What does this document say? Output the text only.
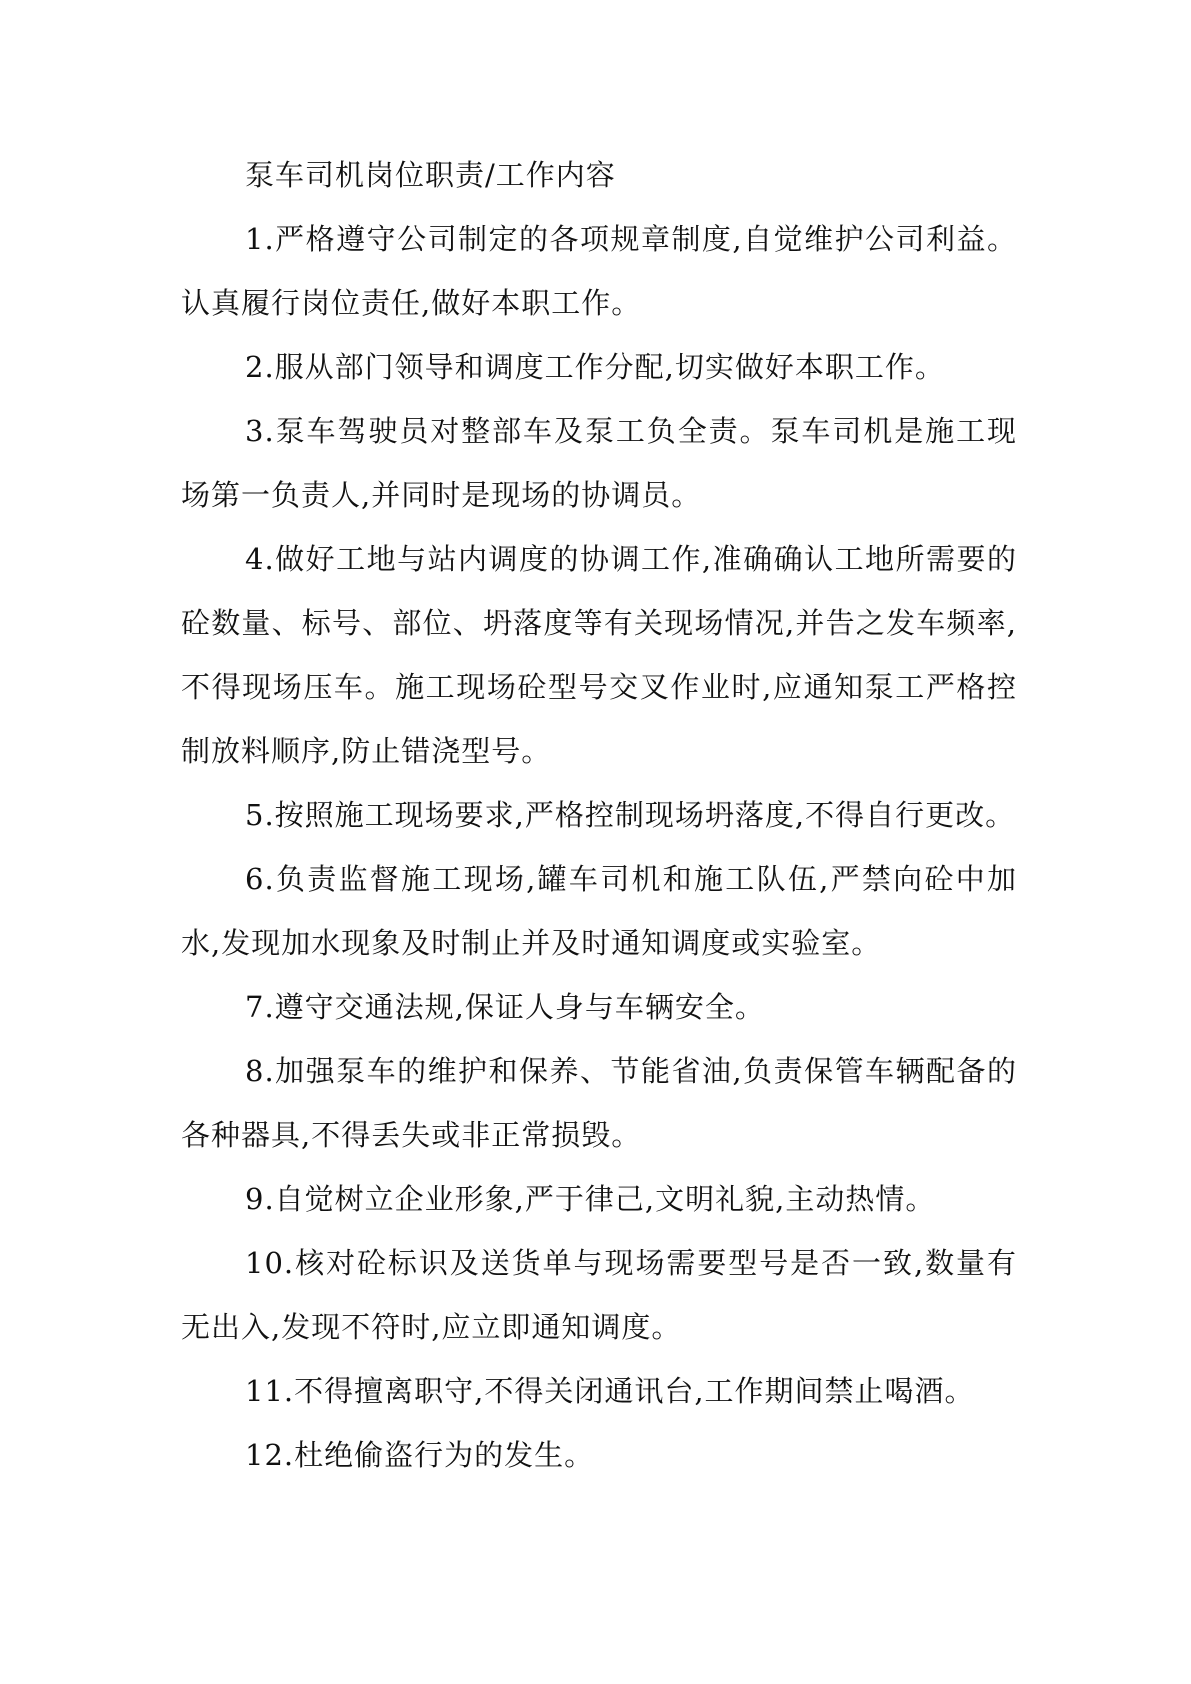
泵车司机岗位职责/工作内容

1.严格遵守公司制定的各项规章制度,自觉维护公司利益。认真履行岗位责任,做好本职工作。

2.服从部门领导和调度工作分配,切实做好本职工作。

3.泵车驾驶员对整部车及泵工负全责。泵车司机是施工现场第一负责人,并同时是现场的协调员。

4.做好工地与站内调度的协调工作,准确确认工地所需要的砼数量、标号、部位、坍落度等有关现场情况,并告之发车频率,不得现场压车。施工现场砼型号交叉作业时,应通知泵工严格控制放料顺序,防止错浇型号。

5.按照施工现场要求,严格控制现场坍落度,不得自行更改。

6.负责监督施工现场,罐车司机和施工队伍,严禁向砼中加水,发现加水现象及时制止并及时通知调度或实验室。

7.遵守交通法规,保证人身与车辆安全。

8.加强泵车的维护和保养、节能省油,负责保管车辆配备的各种器具,不得丢失或非正常损毁。

9.自觉树立企业形象,严于律己,文明礼貌,主动热情。

10.核对砼标识及送货单与现场需要型号是否一致,数量有无出入,发现不符时,应立即通知调度。

11.不得擅离职守,不得关闭通讯台,工作期间禁止喝酒。

12.杜绝偷盗行为的发生。
